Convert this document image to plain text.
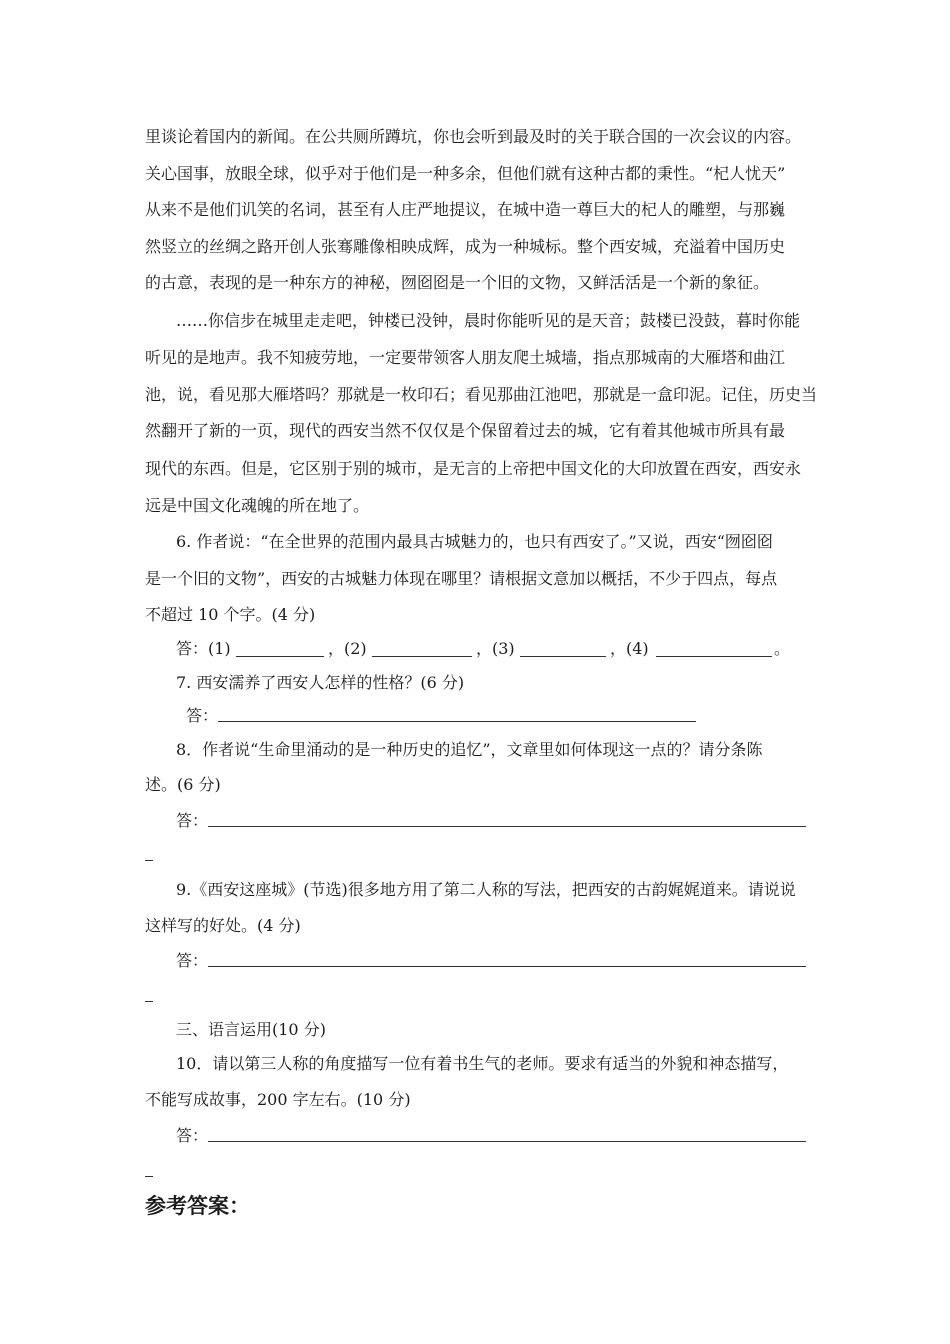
里谈论着国内的新闻。在公共厕所蹲坑，你也会听到最及时的关于联合国的一次会议的内容。
关心国事，放眼全球，似乎对于他们是一种多余，但他们就有这种古都的秉性。“杞人忧天”
从来不是他们讥笑的名词，甚至有人庄严地提议，在城中造一尊巨大的杞人的雕塑，与那巍
然竖立的丝绸之路开创人张骞雕像相映成辉，成为一种城标。整个西安城，充溢着中国历史
的古意，表现的是一种东方的神秘，囫囵囵是一个旧的文物，又鲜活活是一个新的象征。
……你信步在城里走走吧，钟楼已没钟，晨时你能听见的是天音；鼓楼已没鼓，暮时你能
听见的是地声。我不知疲劳地，一定要带领客人朋友爬土城墙，指点那城南的大雁塔和曲江
池，说，看见那大雁塔吗？那就是一枚印石；看见那曲江池吧，那就是一盒印泥。记住，历史当
然翻开了新的一页，现代的西安当然不仅仅是个保留着过去的城，它有着其他城市所具有最
现代的东西。但是，它区别于别的城市，是无言的上帝把中国文化的大印放置在西安，西安永
远是中国文化魂魄的所在地了。
6. 作者说：“在全世界的范围内最具古城魅力的，也只有西安了。”又说，西安“囫囵囵
是一个旧的文物”，西安的古城魅力体现在哪里？请根据文意加以概括，不少于四点，每点
不超过 10 个字。(4 分)
答： (1)	，(2)	，(3)	，(4)	。
7. 西安濡养了西安人怎样的性格？(6 分)
答：
8．作者说“生命里涌动的是一种历史的追忆”，文章里如何体现这一点的？请分条陈
述。(6 分)
答：
9.《西安这座城》(节选)很多地方用了第二人称的写法，把西安的古韵娓娓道来。请说说
这样写的好处。(4 分)
答：
三、语言运用(10 分)
10．请以第三人称的角度描写一位有着书生气的老师。要求有适当的外貌和神态描写，
不能写成故事，200 字左右。(10 分)
答：
参考答案：
